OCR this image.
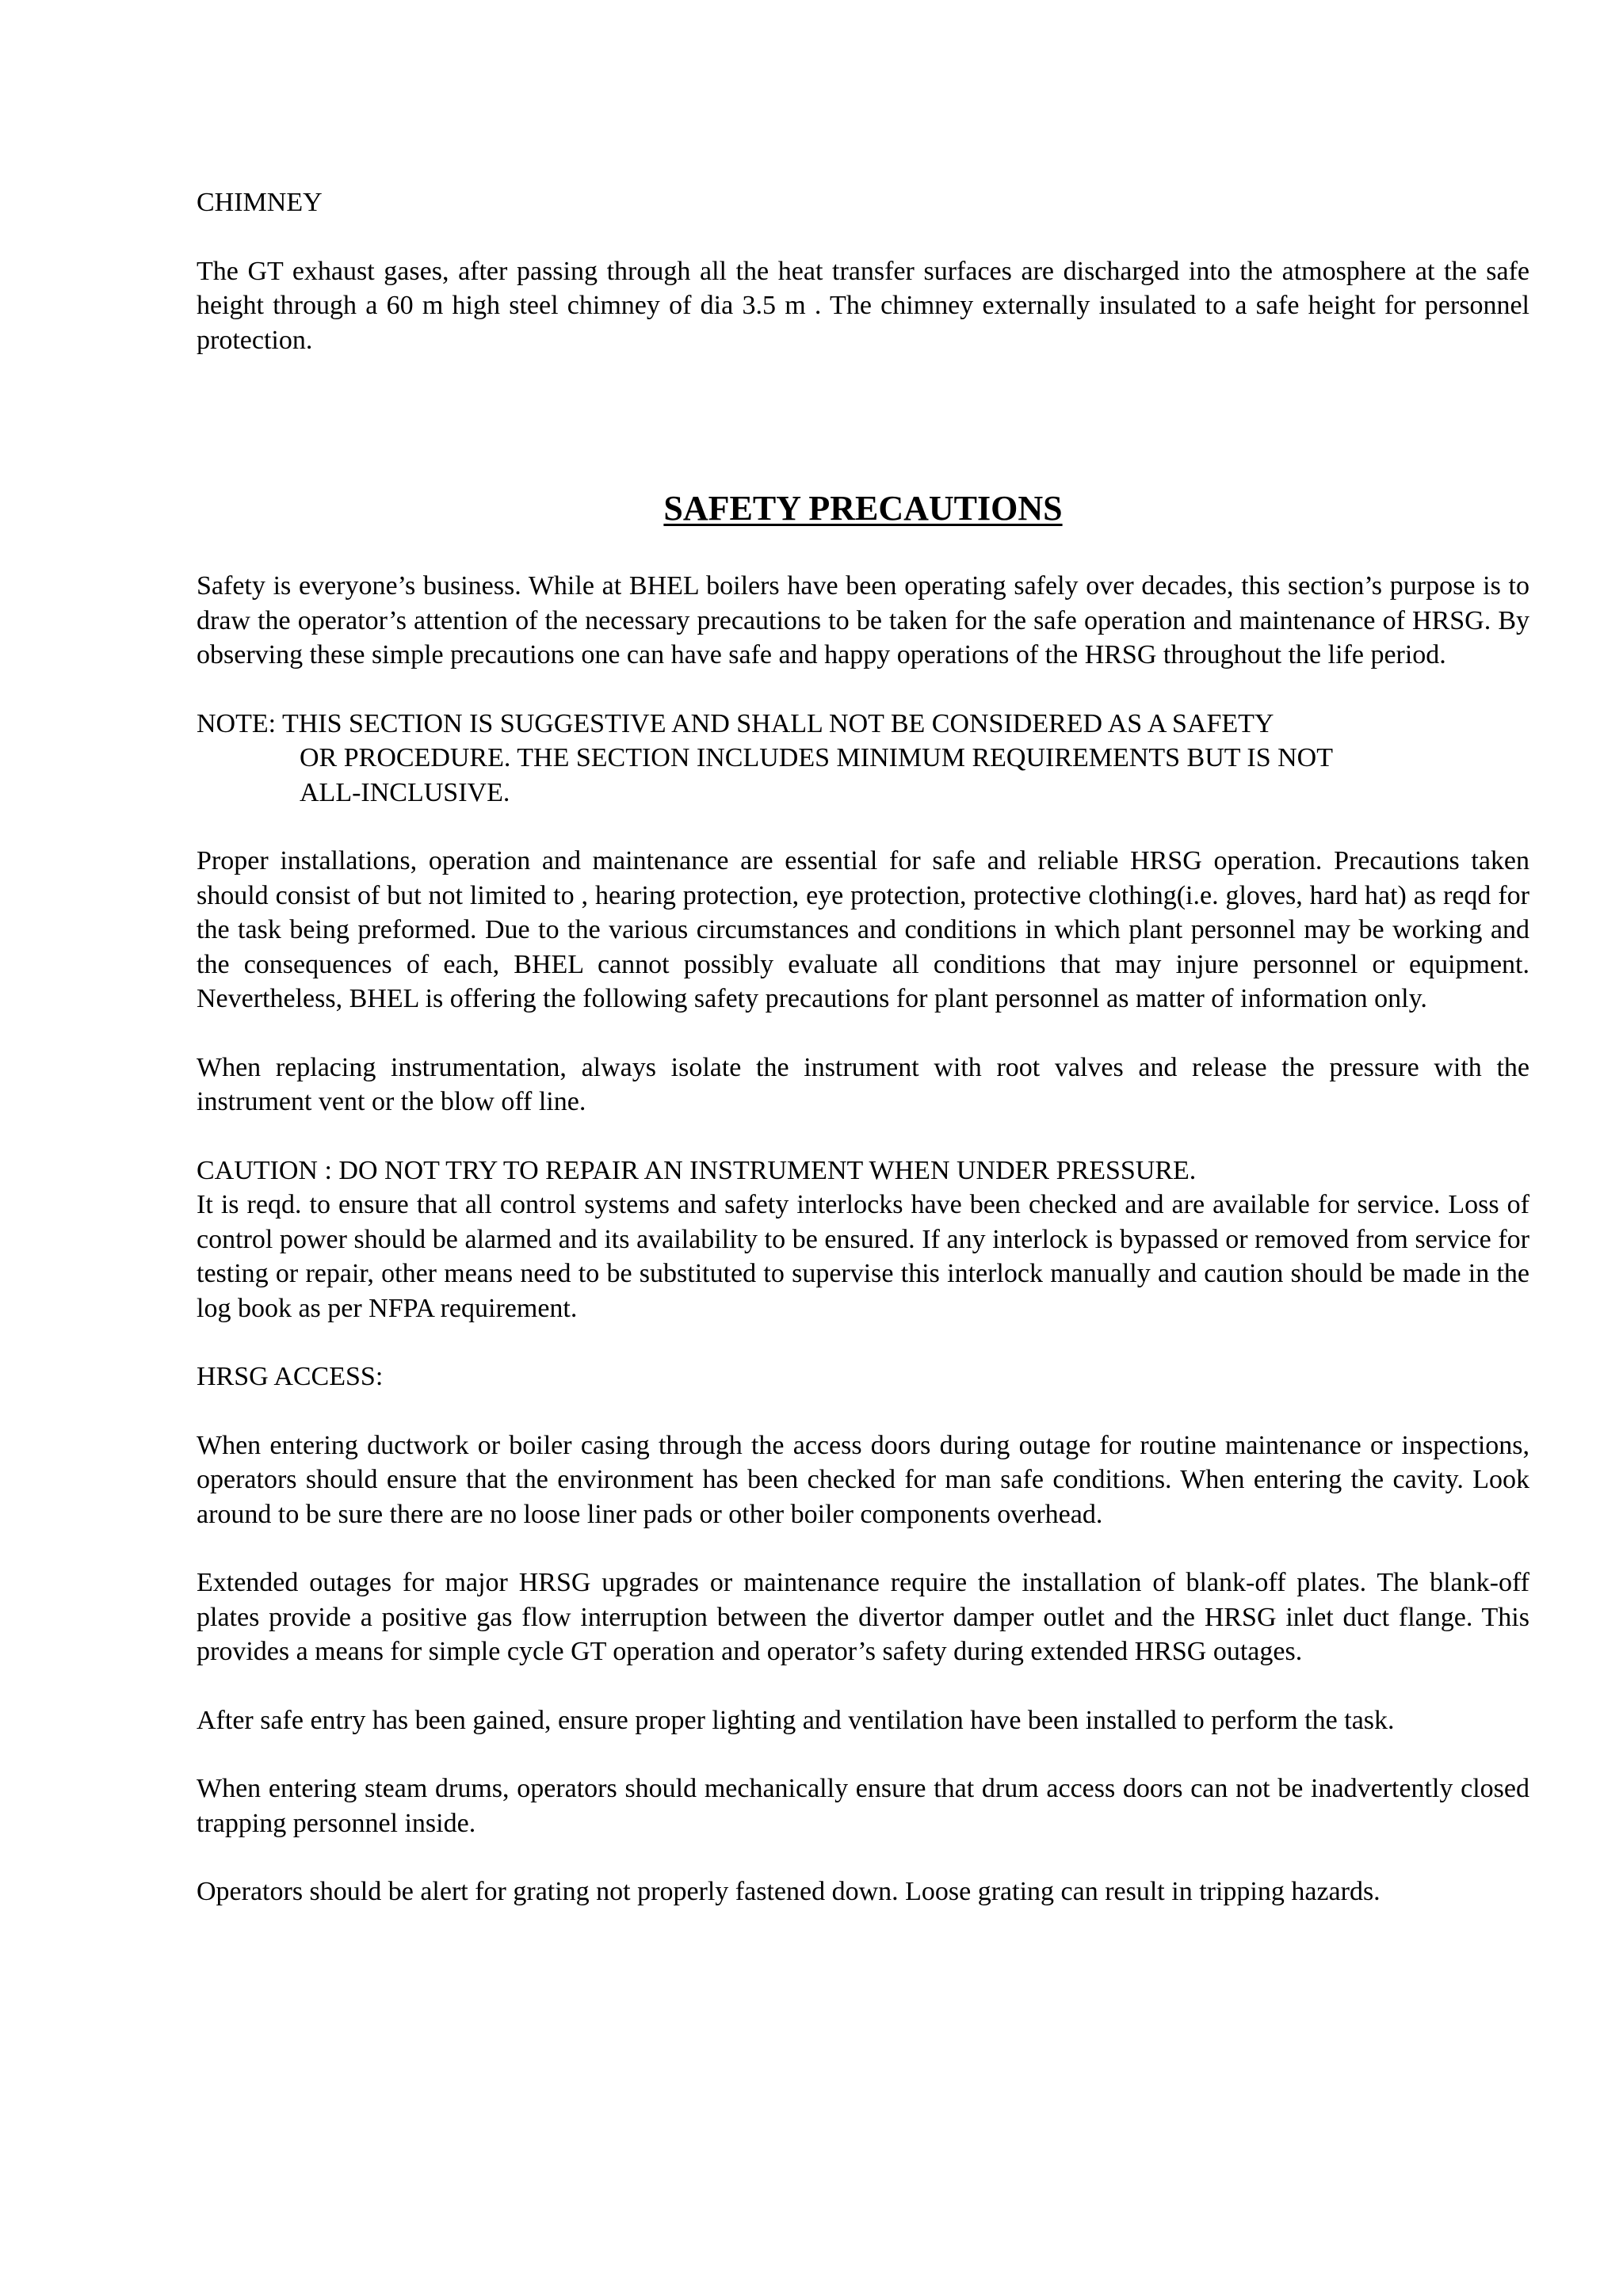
CHIMNEY

The GT exhaust gases, after passing through all the heat transfer surfaces are discharged into the atmosphere at the safe height through a 60 m high steel chimney of dia 3.5 m . The chimney externally insulated to a safe height for personnel protection.

SAFETY PRECAUTIONS

Safety is everyone’s business. While at BHEL boilers have been operating safely over decades, this section’s purpose is to draw the operator’s attention of the necessary precautions to be taken for the safe operation and maintenance of HRSG. By observing these simple precautions one can have safe and happy operations of the HRSG throughout the life period.

NOTE: THIS SECTION IS SUGGESTIVE AND SHALL NOT BE CONSIDERED AS A SAFETY
OR PROCEDURE. THE SECTION INCLUDES MINIMUM REQUIREMENTS BUT IS NOT
ALL-INCLUSIVE.

Proper installations, operation and maintenance are essential for safe and reliable HRSG operation. Precautions taken should consist of but not limited to , hearing protection, eye protection, protective clothing(i.e. gloves, hard hat) as reqd for the task being preformed. Due to the various circumstances and conditions in which plant personnel may be working and the consequences of each, BHEL cannot possibly evaluate all conditions that may injure personnel or equipment. Nevertheless, BHEL is offering the following safety precautions for plant personnel as matter of information only.

When replacing instrumentation, always isolate the instrument with root valves and release the pressure with the instrument vent or the blow off line.

CAUTION : DO NOT TRY TO REPAIR AN INSTRUMENT WHEN UNDER PRESSURE.

It is reqd. to ensure that all control systems and safety interlocks have been checked and are available for service. Loss of control power should be alarmed and its availability to be ensured. If any interlock is bypassed or removed from service for testing or repair, other means need to be substituted to supervise this interlock manually and caution should be made in the log book as per NFPA requirement.

HRSG ACCESS:

When entering ductwork or boiler casing through the access doors during outage for routine maintenance or inspections, operators should ensure that the environment has been checked for man safe conditions. When entering the cavity. Look around to be sure there are no loose liner pads or other boiler components overhead.

Extended outages for major HRSG upgrades or maintenance require the installation of blank-off plates. The blank-off plates provide a positive gas flow interruption between the divertor damper outlet and the HRSG inlet duct flange. This provides a means for simple cycle GT operation and operator’s safety during extended HRSG outages.

After safe entry has been gained, ensure proper lighting and ventilation have been installed to perform the task.

When entering steam drums, operators should mechanically ensure that drum access doors can not be inadvertently closed trapping personnel inside.

Operators should be alert for grating not properly fastened down. Loose grating can result in tripping hazards.
